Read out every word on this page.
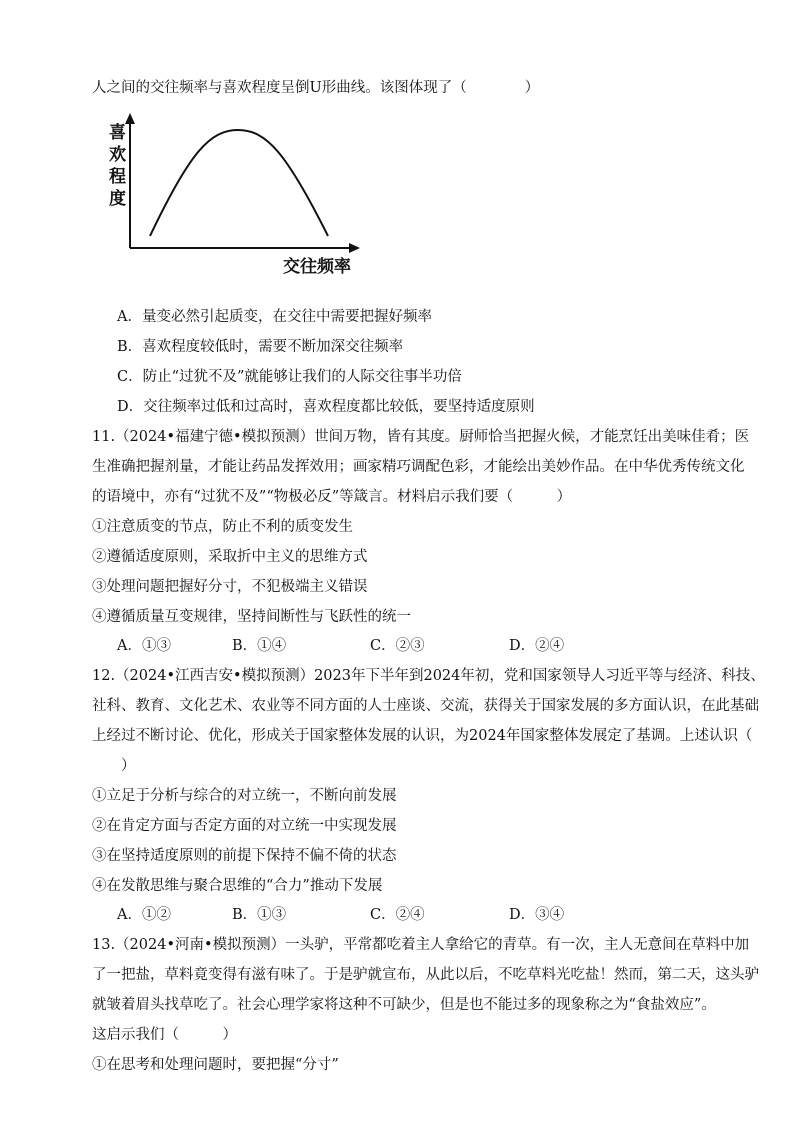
人之间的交往频率与喜欢程度呈倒U形曲线。该图体现了（　　　　）
喜
欢
程
度
交往频率
A．量变必然引起质变，在交往中需要把握好频率
B．喜欢程度较低时，需要不断加深交往频率
C．防止“过犹不及”就能够让我们的人际交往事半功倍
D．交往频率过低和过高时，喜欢程度都比较低，要坚持适度原则
11.（2024•福建宁德•模拟预测）世间万物，皆有其度。厨师恰当把握火候，才能烹饪出美味佳肴；医
生准确把握剂量，才能让药品发挥效用；画家精巧调配色彩，才能绘出美妙作品。在中华优秀传统文化
的语境中，亦有“过犹不及”“物极必反”等箴言。材料启示我们要（　　　）
①注意质变的节点，防止不利的质变发生
②遵循适度原则，采取折中主义的思维方式
③处理问题把握好分寸，不犯极端主义错误
④遵循质量互变规律，坚持间断性与飞跃性的统一
A．①③	B．①④	C．②③	D．②④
12.（2024•江西吉安•模拟预测）2023年下半年到2024年初，党和国家领导人习近平等与经济、科技、
社科、教育、文化艺术、农业等不同方面的人士座谈、交流，获得关于国家发展的多方面认识，在此基础
上经过不断讨论、优化，形成关于国家整体发展的认识，为2024年国家整体发展定了基调。上述认识（
　　）
①立足于分析与综合的对立统一，不断向前发展
②在肯定方面与否定方面的对立统一中实现发展
③在坚持适度原则的前提下保持不偏不倚的状态
④在发散思维与聚合思维的“合力”推动下发展
A．①②	B．①③	C．②④	D．③④
13.（2024•河南•模拟预测）一头驴，平常都吃着主人拿给它的青草。有一次，主人无意间在草料中加
了一把盐，草料竟变得有滋有味了。于是驴就宣布，从此以后，不吃草料光吃盐！然而，第二天，这头驴
就皱着眉头找草吃了。社会心理学家将这种不可缺少，但是也不能过多的现象称之为“食盐效应”。
这启示我们（　　　）
①在思考和处理问题时，要把握“分寸”
